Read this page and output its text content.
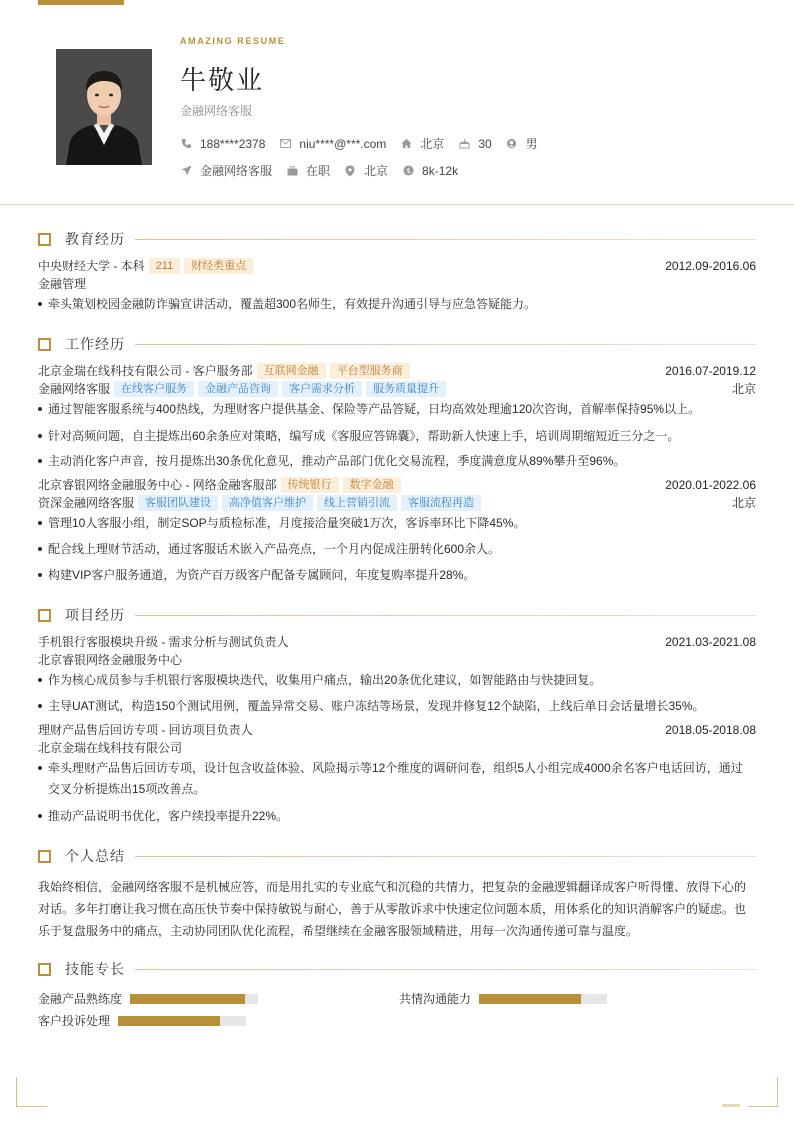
AMAZING RESUME
牛敬业
金融网络客服
188****2378	niu****@***.com	北京	30	男
金融网络客服	在职	北京 $ 8k-12k
教育经历
中央财经大学 - 本科	211	财经类重点	2012.09-2016.06
金融管理
牵头策划校园金融防诈骗宣讲活动，覆盖超300名师生，有效提升沟通引导与应急答疑能力。
工作经历
北京金瑞在线科技有限公司 - 客户服务部	互联网金融	平台型服务商	2016.07-2019.12
金融网络客服	在线客户服务	金融产品咨询	客户需求分析	服务质量提升	北京
通过智能客服系统与400热线，为理财客户提供基金、保险等产品答疑，日均高效处理逾120次咨询，首解率保持95%以上。
针对高频问题，自主提炼出60余条应对策略，编写成《客服应答锦囊》，帮助新人快速上手，培训周期缩短近三分之一。
主动消化客户声音，按月提炼出30条优化意见，推动产品部门优化交易流程，季度满意度从89%攀升至96%。
北京睿银网络金融服务中心 - 网络金融客服部	传统银行	数字金融	2020.01-2022.06
资深金融网络客服	客服团队建设	高净值客户维护	线上营销引流	客服流程再造	北京
管理10人客服小组，制定SOP与质检标准，月度接洽量突破1万次，客诉率环比下降45%。
配合线上理财节活动，通过客服话术嵌入产品亮点，一个月内促成注册转化600余人。
构建VIP客户服务通道，为资产百万级客户配备专属顾问，年度复购率提升28%。
项目经历
手机银行客服模块升级 - 需求分析与测试负责人	2021.03-2021.08
北京睿银网络金融服务中心
作为核心成员参与手机银行客服模块迭代，收集用户痛点，输出20条优化建议，如智能路由与快捷回复。
主导UAT测试，构造150个测试用例，覆盖异常交易、账户冻结等场景，发现并修复12个缺陷，上线后单日会话量增长35%。
理财产品售后回访专项 - 回访项目负责人	2018.05-2018.08
北京金瑞在线科技有限公司
牵头理财产品售后回访专项，设计包含收益体验、风险揭示等12个维度的调研问卷，组织5人小组完成4000余名客户电话回访，通过交叉分析提炼出15项改善点。
推动产品说明书优化，客户续投率提升22%。
个人总结
我始终相信，金融网络客服不是机械应答，而是用扎实的专业底气和沉稳的共情力，把复杂的金融逻辑翻译成客户听得懂、放得下心的对话。多年打磨让我习惯在高压快节奏中保持敏锐与耐心，善于从零散诉求中快速定位问题本质，用体系化的知识消解客户的疑虑。也乐于复盘服务中的痛点，主动协同团队优化流程，希望继续在金融客服领域精进，用每一次沟通传递可靠与温度。
技能专长
金融产品熟练度	共情沟通能力
客户投诉处理
